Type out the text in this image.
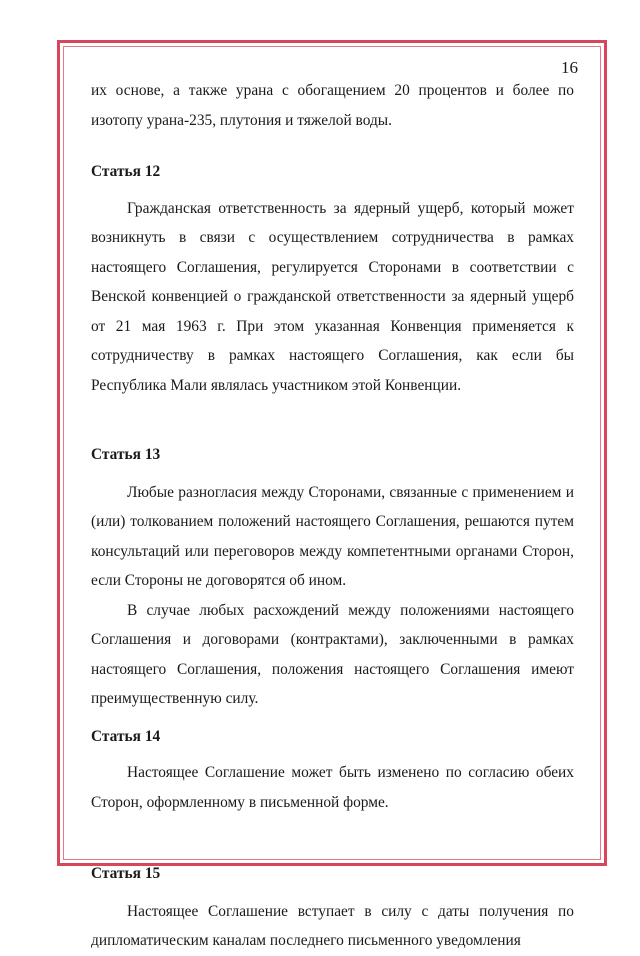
16

их основе, а также урана с обогащением 20 процентов и более по изотопу урана-235, плутония и тяжелой воды.

Статья 12

Гражданская ответственность за ядерный ущерб, который может возникнуть в связи с осуществлением сотрудничества в рамках настоящего Соглашения, регулируется Сторонами в соответствии с Венской конвенцией о гражданской ответственности за ядерный ущерб от 21 мая 1963 г. При этом указанная Конвенция применяется к сотрудничеству в рамках настоящего Соглашения, как если бы Республика Мали являлась участником этой Конвенции.

Статья 13

Любые разногласия между Сторонами, связанные с применением и (или) толкованием положений настоящего Соглашения, решаются путем консультаций или переговоров между компетентными органами Сторон, если Стороны не договорятся об ином.

В случае любых расхождений между положениями настоящего Соглашения и договорами (контрактами), заключенными в рамках настоящего Соглашения, положения настоящего Соглашения имеют преимущественную силу.

Статья 14

Настоящее Соглашение может быть изменено по согласию обеих Сторон, оформленному в письменной форме.

Статья 15

Настоящее Соглашение вступает в силу с даты получения по дипломатическим каналам последнего письменного уведомления
